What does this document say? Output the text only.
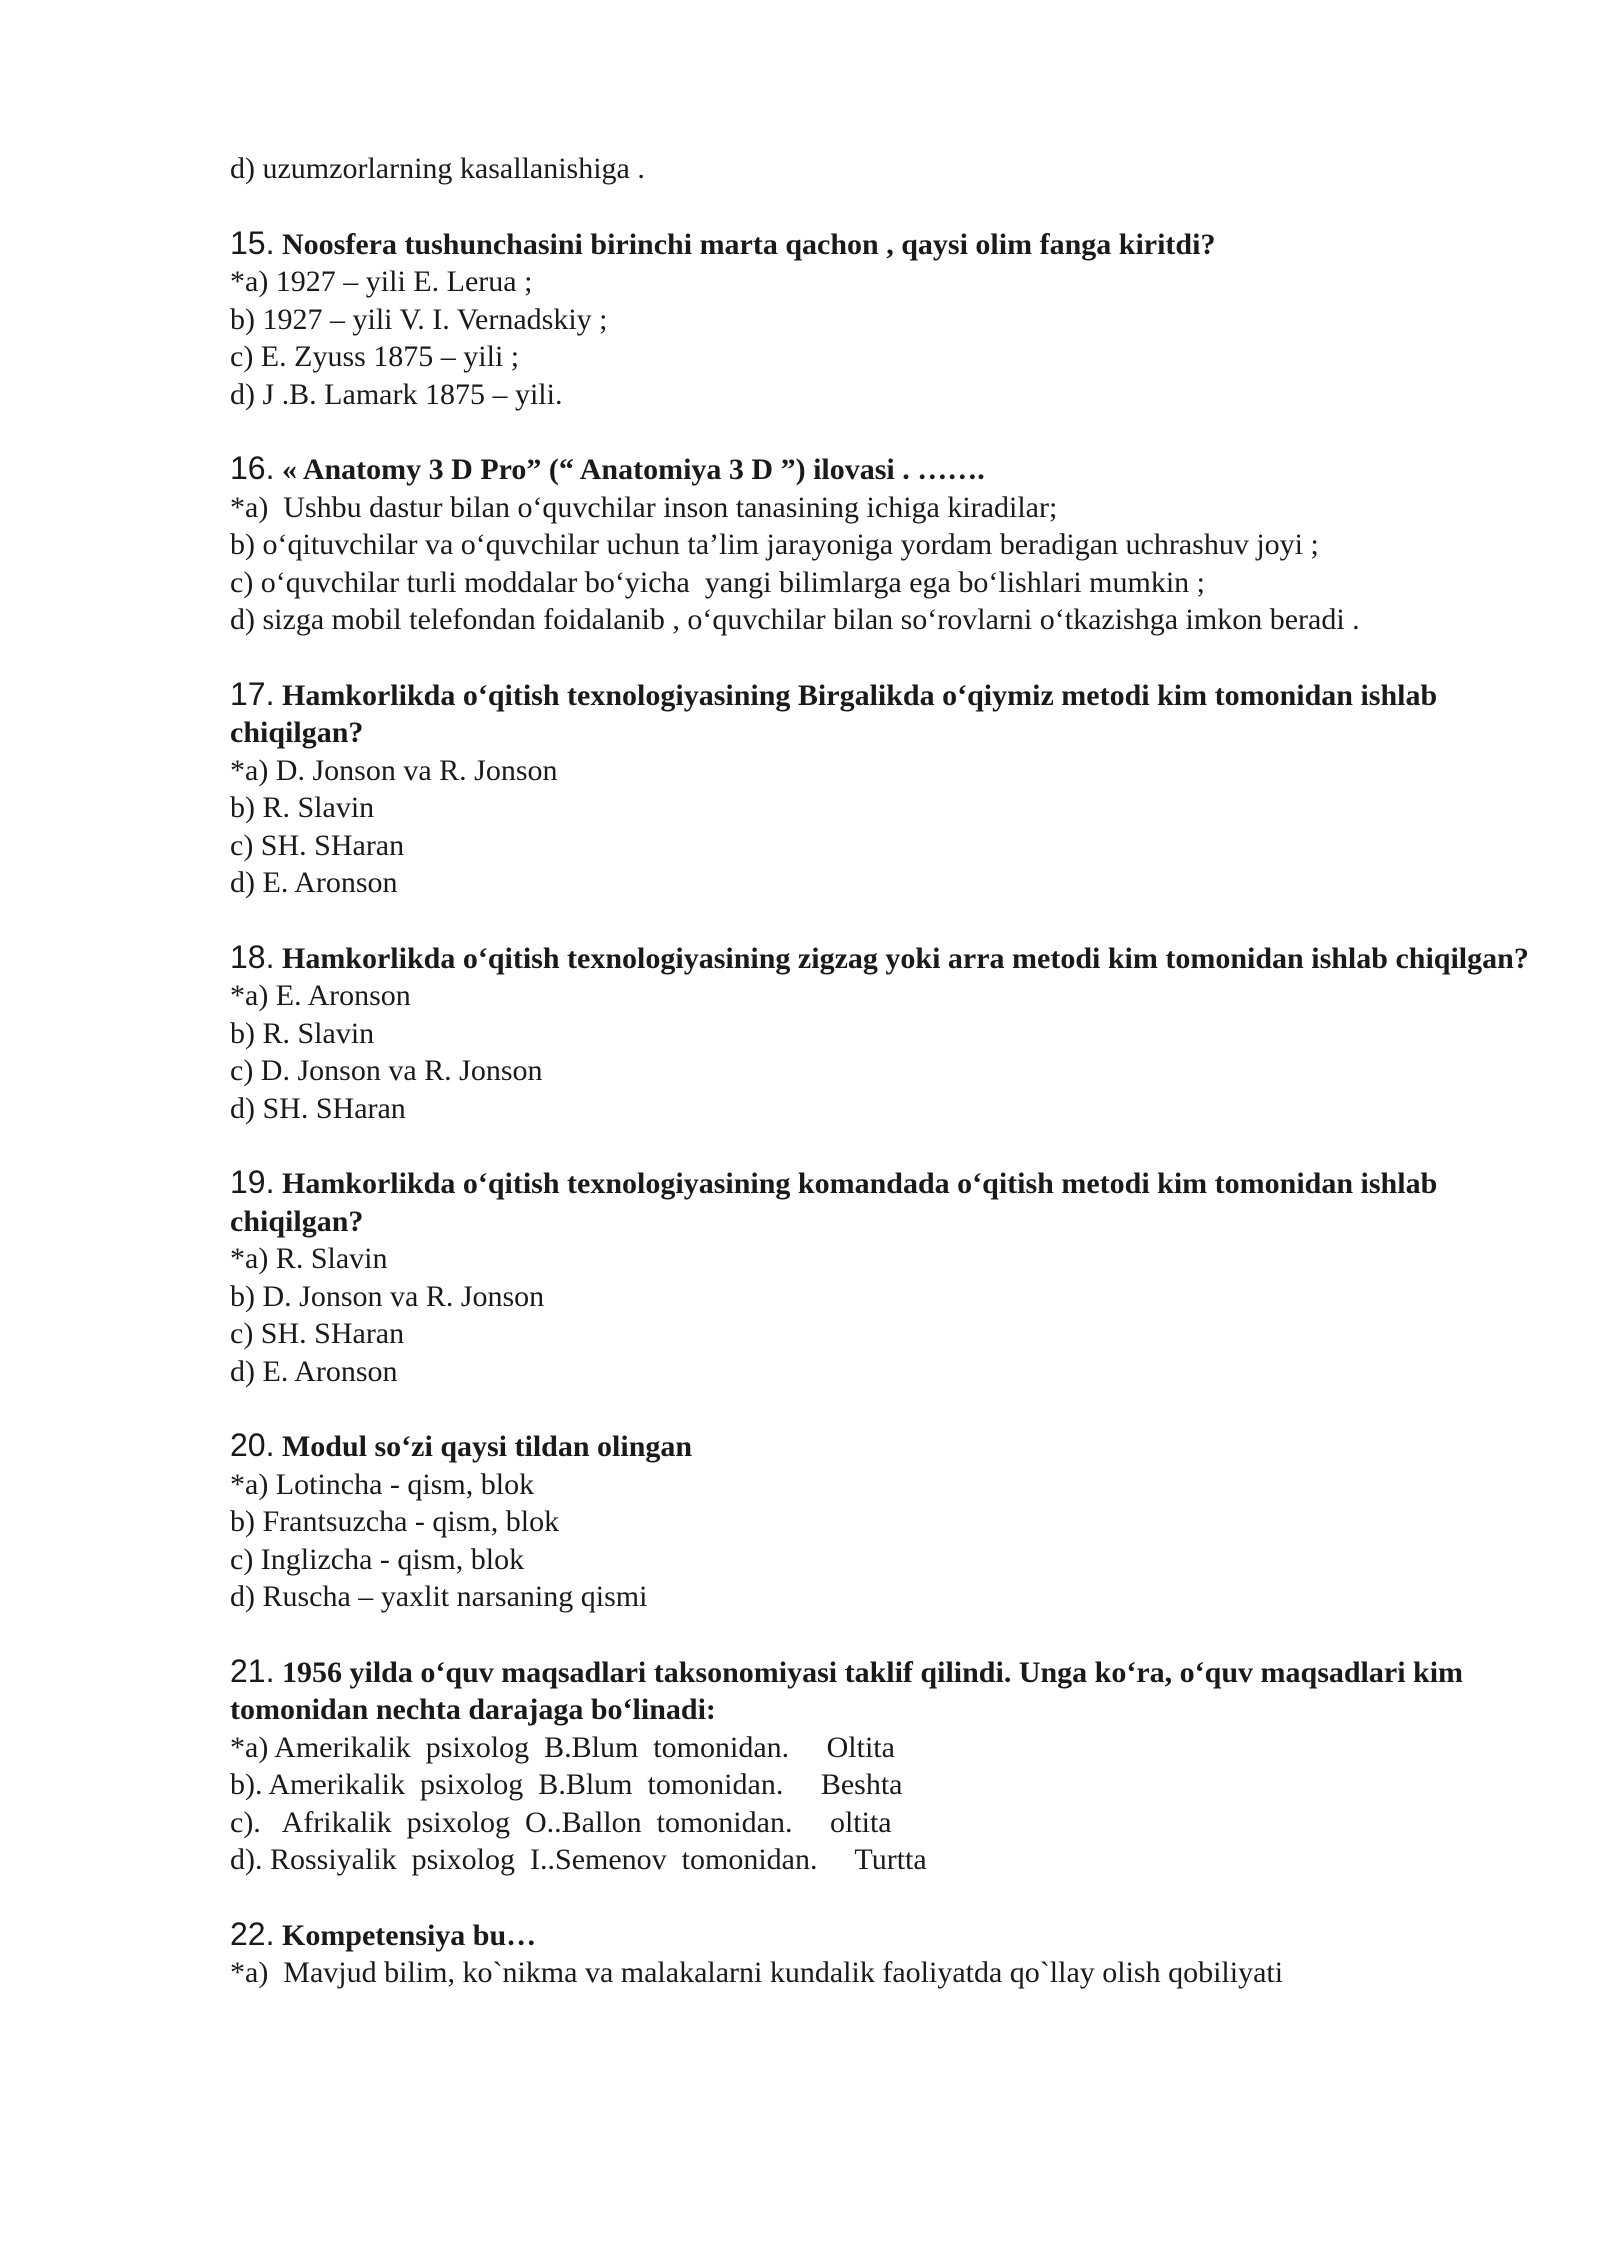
d) uzumzorlarning kasallanishiga .
15. Noosfera tushunchasini birinchi marta qachon , qaysi olim fanga kiritdi?
*a) 1927 – yili E. Lerua ;
b) 1927 – yili V. I. Vernadskiy ;
c) E. Zyuss 1875 – yili ;
d) J .B. Lamark 1875 – yili.
16. « Anatomy 3 D Pro” (“ Anatomiya 3 D ”) ilovasi . …….
*a)  Ushbu dastur bilan o‘quvchilar inson tanasining ichiga kiradilar;
b) o‘qituvchilar va o‘quvchilar uchun ta’lim jarayoniga yordam beradigan uchrashuv joyi ;
c) o‘quvchilar turli moddalar bo‘yicha  yangi bilimlarga ega bo‘lishlari mumkin ;
d) sizga mobil telefondan foidalanib , o‘quvchilar bilan so‘rovlarni o‘tkazishga imkon beradi .
17. Hamkorlikda o‘qitish texnologiyasining Birgalikda o‘qiymiz metodi kim tomonidan ishlab chiqilgan?
*a) D. Jonson va R. Jonson
b) R. Slavin
c) SH. SHaran
d) E. Aronson
18. Hamkorlikda o‘qitish texnologiyasining zigzag yoki arra metodi kim tomonidan ishlab chiqilgan?
*a) E. Aronson
b) R. Slavin
c) D. Jonson va R. Jonson
d) SH. SHaran
19. Hamkorlikda o‘qitish texnologiyasining komandada o‘qitish metodi kim tomonidan ishlab chiqilgan?
*a) R. Slavin
b) D. Jonson va R. Jonson
c) SH. SHaran
d) E. Aronson
20. Modul so‘zi qaysi tildan olingan
*a) Lotincha - qism, blok
b) Frantsuzcha - qism, blok
c) Inglizcha - qism, blok
d) Ruscha – yaxlit narsaning qismi
21. 1956 yilda o‘quv maqsadlari taksonomiyasi taklif qilindi. Unga ko‘ra, o‘quv maqsadlari kim tomonidan nechta darajaga bo‘linadi:
*a) Amerikalik  psixolog  B.Blum  tomonidan.     Oltita
b). Amerikalik  psixolog  B.Blum  tomonidan.     Beshta
c).   Afrikalik  psixolog  O..Ballon  tomonidan.     oltita
d). Rossiyalik  psixolog  I..Semenov  tomonidan.     Turtta
22. Kompetensiya bu…
*a)  Mavjud bilim, ko`nikma va malakalarni kundalik faoliyatda qo`llay olish qobiliyati
